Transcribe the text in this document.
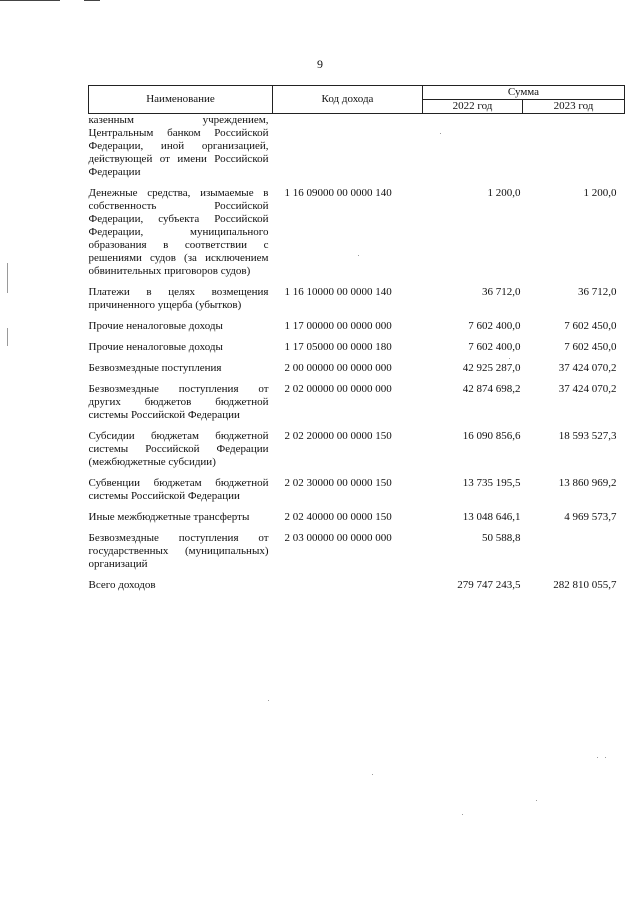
9
Наименование	Код дохода	Сумма	
		2022 год	2023 год
казенным учреждением, Центральным банком Российской Федерации, иной организацией, действующей от имени Российской Федерации			
Денежные средства, изымаемые в собственность Российской Федерации, субъекта Российской Федерации, муниципального образования в соответствии с решениями судов (за исключением обвинительных приговоров судов)	1 16 09000 00 0000 140	1 200,0	1 200,0
Платежи в целях возмещения причиненного ущерба (убытков)	1 16 10000 00 0000 140	36 712,0	36 712,0
Прочие неналоговые доходы	1 17 00000 00 0000 000	7 602 400,0	7 602 450,0
Прочие неналоговые доходы	1 17 05000 00 0000 180	7 602 400,0	7 602 450,0
Безвозмездные поступления	2 00 00000 00 0000 000	42 925 287,0	37 424 070,2
Безвозмездные поступления от других бюджетов бюджетной системы Российской Федерации	2 02 00000 00 0000 000	42 874 698,2	37 424 070,2
Субсидии бюджетам бюджетной системы Российской Федерации (межбюджетные субсидии)	2 02 20000 00 0000 150	16 090 856,6	18 593 527,3
Субвенции бюджетам бюджетной системы Российской Федерации	2 02 30000 00 0000 150	13 735 195,5	13 860 969,2
Иные межбюджетные трансферты	2 02 40000 00 0000 150	13 048 646,1	4 969 573,7
Безвозмездные поступления от государственных (муниципальных) организаций	2 03 00000 00 0000 000	50 588,8	
Всего доходов		279 747 243,5	282 810 055,7
